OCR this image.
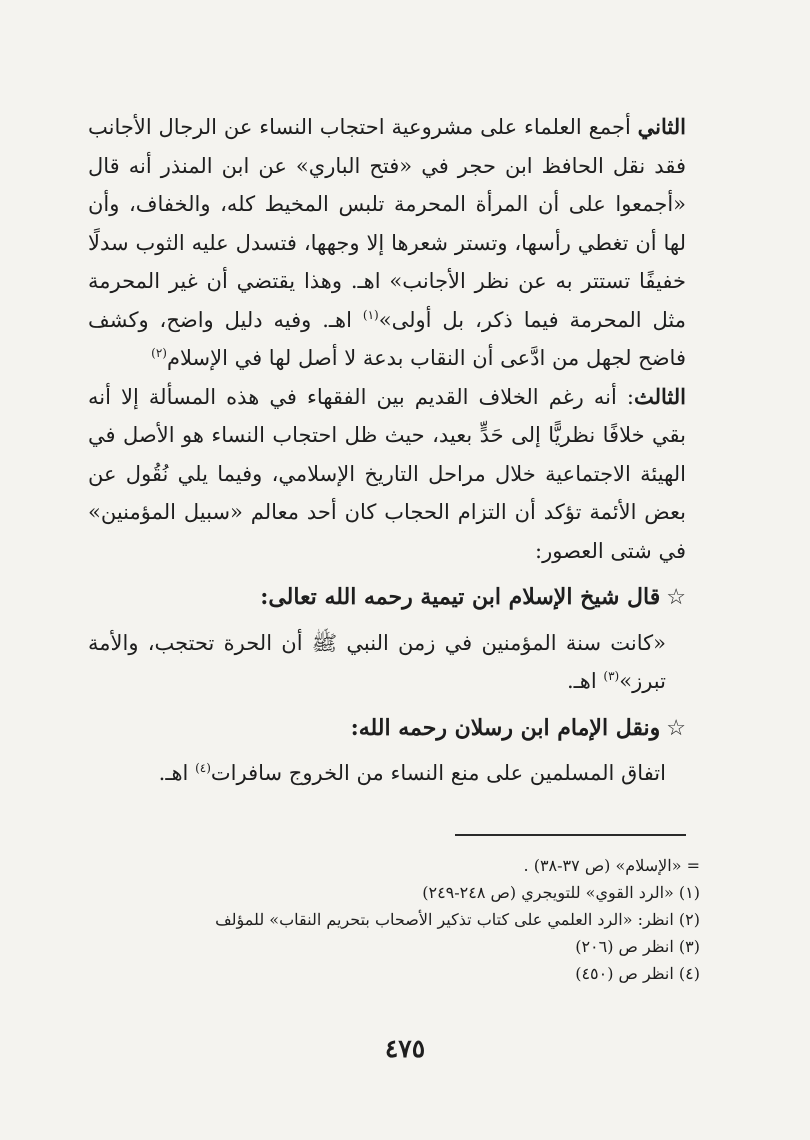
الثاني أجمع العلماء على مشروعية احتجاب النساء عن الرجال الأجانب فقد نقل الحافظ ابن حجر في «فتح الباري» عن ابن المنذر أنه قال «أجمعوا على أن المرأة المحرمة تلبس المخيط كله، والخفاف، وأن لها أن تغطي رأسها، وتستر شعرها إلا وجهها، فتسدل عليه الثوب سدلًا خفيفًا تستتر به عن نظر الأجانب» اهـ. وهذا يقتضي أن غير المحرمة مثل المحرمة فيما ذكر، بل أولى»$^{(١)}$ اهـ. وفيه دليل واضح، وكشف فاضح لجهل من ادَّعى أن النقاب بدعة لا أصل لها في الإسلام$^{(٢)}$

الثالث: أنه رغم الخلاف القديم بين الفقهاء في هذه المسألة إلا أنه بقي خلافًا نظريًّا إلى حَدٍّ بعيد، حيث ظل احتجاب النساء هو الأصل في الهيئة الاجتماعية خلال مراحل التاريخ الإسلامي، وفيما يلي نُقُول عن بعض الأئمة تؤكد أن التزام الحجاب كان أحد معالم «سبيل المؤمنين» في شتى العصور:

☆قال شيخ الإسلام ابن تيمية رحمه الله تعالى:

«كانت سنة المؤمنين في زمن النبي ﷺ أن الحرة تحتجب، والأمة تبرز»$^{(٣)}$ اهـ.

☆ونقل الإمام ابن رسلان رحمه الله:

اتفاق المسلمين على منع النساء من الخروج سافرات$^{(٤)}$ اهـ.

= «الإسلام» (ص ٣٧-٣٨) .

(١) «الرد القوي» للتويجري (ص ٢٤٨-٢٤٩)

(٢) انظر: «الرد العلمي على كتاب تذكير الأصحاب بتحريم النقاب» للمؤلف

(٣) انظر ص (٢٠٦)

(٤) انظر ص (٤٥٠)

٤٧٥
